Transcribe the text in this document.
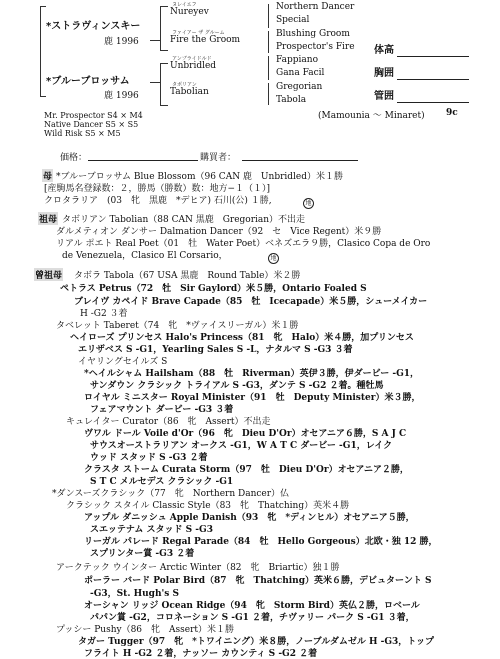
*ストラヴィンスキー
鹿 1996
*ブルーブロッサム
鹿 1996
ヌレイエフ
Nureyev
ファイアー ザ グルーム
Fire the Groom
アンブライドルド
Unbridled
タボリアン
Tabolian
Northern Dancer
Special
Blushing Groom
Prospector's Fire
Fappiano
Gana Facil
Gregorian
Tabola
体高
胸囲
管囲
Mr. Prospector S4 × M4
Native Dancer S5 × S5
Wild Risk S5 × M5
(Mamounia ～ Minaret) 9c
価格：	購買者：
母 *ブルーブロッサム Blue Blossom（96 CAN 鹿　Unbridled）米１勝
[産駒馬名登録数：２，勝馬（勝数）数：地方−１（１）]
クロタラリア　(03　牝　黒鹿　*デヒア) 石川(公) １勝,	地
祖母 タボリアン Tabolian（88 CAN 黒鹿　Gregorian）不出走
ダルメティオン ダンサー Dalmation Dancer（92　セ　Vice Regent）米９勝
リアル ポエト Real Poet（01　牡　Water Poet）ベネズエラ９勝，Clasico Copa de Oro
de Venezuela，Clasico El Corsario，	地
曾祖母 タボラ Tabola（67 USA 黒鹿　Round Table）米２勝
ペトラス Petrus（72　牡　Sir Gaylord）米５勝，Ontario Foaled S
ブレイヴ カペイド Brave Capade（85　牡　Icecapade）米５勝，シューメイカー
H -G2 ３着
タベレット Taberet（74　牝　*ヴァイスリーガル）米１勝
ヘイローズ プリンセス Halo's Princess（81　牝　Halo）米４勝，加プリンセス
エリザベス S -G1，Yearling Sales S -L，ナタルマ S -G3 ３着
イヤリングセイルズ S
*ヘイルシャム Hailsham（88　牡　Riverman）英伊３勝，伊ダービー -G1，
サンダウン クラシック トライアル S -G3，ダンテ S -G2 ２着。種牡馬
ロイヤル ミニスター Royal Minister（91　牡　Deputy Minister）米３勝，
フェアマウント ダービー -G3 ３着
キュレイター Curator（86　牝　Assert）不出走
ヴワル ドール Voile d'Or（96　牝　Dieu D'Or）オセアニア６勝，S A J C
サウスオーストラリアン オークス -G1，W A T C ダービー -G1，レイク
ウッド スタッド S -G3 ２着
クラスタ ストーム Curata Storm（97　牡　Dieu D'Or）オセアニア２勝，
S T C メルセデス クラシック -G1
*ダンスーズクラシック（77　牝　Northern Dancer）仏
クラシック スタイル Classic Style（83　牝　Thatching）英米４勝
アップル ダニッシュ Apple Danish（93　牝　*ディンヒル）オセアニア５勝，
スエッテナム スタッド S -G3
リーガル パレード Regal Parade（84　牡　Hello Gorgeous）北欧・独 12 勝，
スプリンター賞 -G3 ２着
アークテック ウインター Arctic Winter（82　牝　Briartic）独１勝
ポーラー バード Polar Bird（87　牝　Thatching）英米６勝，デビュターント S
-G3，St. Hugh's S
オーシャン リッジ Ocean Ridge（94　牝　Storm Bird）英仏２勝，ロベール
パパン賞 -G2，コロネーション S -G1 ２着，チヴァリー パーク S -G1 ３着，
プッシー Pushy（86　牝　Assert）米１勝
タガー Tugger（97　牝　*トワイニング）米８勝，ノーブルダムゼル H -G3，トップ
フライト H -G2 ２着，ナッソー カウンティ S -G2 ２着
